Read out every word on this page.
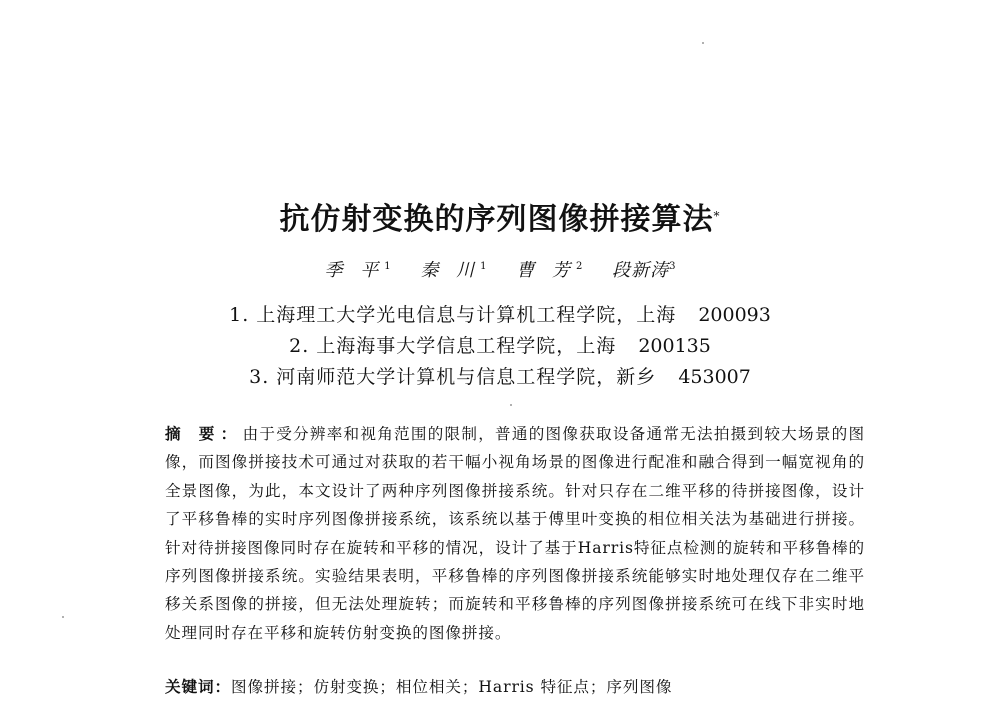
抗仿射变换的序列图像拼接算法*
季 平$^1$ 秦 川$^1$ 曹 芳$^2$ 段新涛$^3$
1. 上海理工大学光电信息与计算机工程学院，上海 200093
2. 上海海事大学信息工程学院，上海 200135
3. 河南师范大学计算机与信息工程学院，新乡 453007

摘 要：由于受分辨率和视角范围的限制，普通的图像获取设备通常无法拍摄到较大场景的图像，而图像拼接技术可通过对获取的若干幅小视角场景的图像进行配准和融合得到一幅宽视角的全景图像，为此，本文设计了两种序列图像拼接系统。针对只存在二维平移的待拼接图像，设计了平移鲁棒的实时序列图像拼接系统，该系统以基于傅里叶变换的相位相关法为基础进行拼接。针对待拼接图像同时存在旋转和平移的情况，设计了基于Harris特征点检测的旋转和平移鲁棒的序列图像拼接系统。实验结果表明，平移鲁棒的序列图像拼接系统能够实时地处理仅存在二维平移关系图像的拼接，但无法处理旋转；而旋转和平移鲁棒的序列图像拼接系统可在线下非实时地处理同时存在平移和旋转仿射变换的图像拼接。

关键词：图像拼接；仿射变换；相位相关；Harris 特征点；序列图像
